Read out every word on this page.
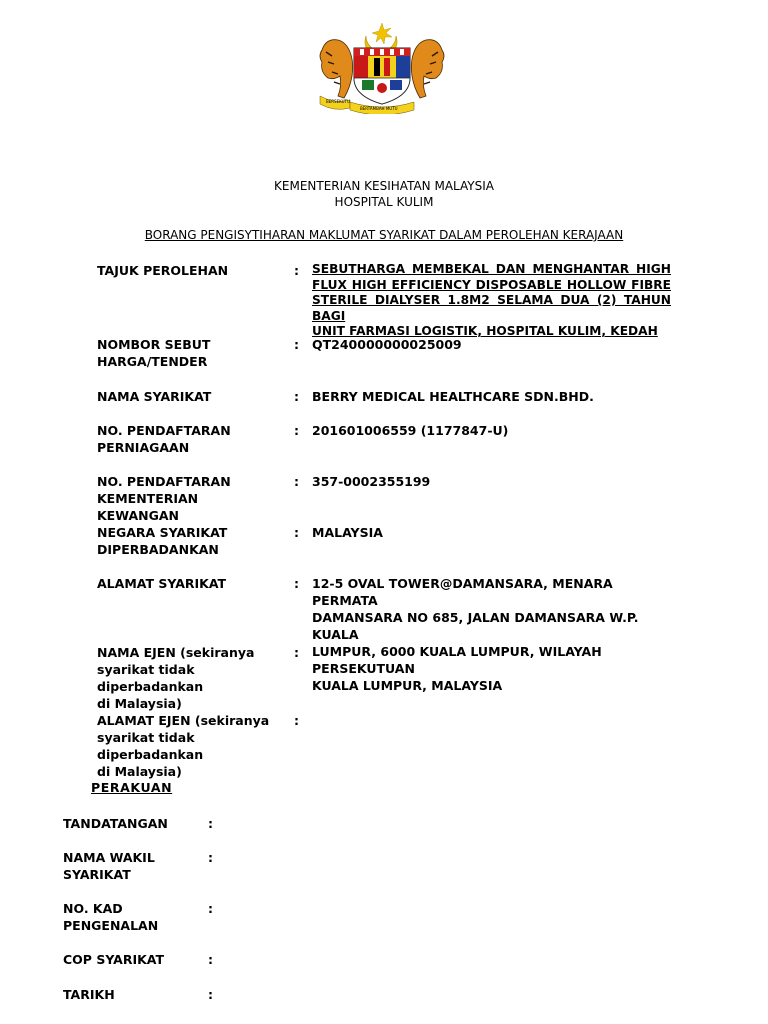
BERSEKUTU
BERTAMBAH MUTU
KEMENTERIAN KESIHATAN MALAYSIA
HOSPITAL KULIM
BORANG PENGISYTIHARAN MAKLUMAT SYARIKAT DALAM PEROLEHAN KERAJAAN
TAJUK PEROLEHAN	: SEBUTHARGA MEMBEKAL DAN MENGHANTAR HIGH
FLUX HIGH EFFICIENCY DISPOSABLE HOLLOW FIBRE
STERILE DIALYSER 1.8M2 SELAMA DUA (2) TAHUN BAGI
UNIT FARMASI LOGISTIK, HOSPITAL KULIM, KEDAH
NOMBOR SEBUT
HARGA/TENDER
: QT240000000025009
NAMA SYARIKAT	: BERRY MEDICAL HEALTHCARE SDN.BHD.
NO. PENDAFTARAN
PERNIAGAAN
: 201601006559 (1177847-U)
NO. PENDAFTARAN
KEMENTERIAN KEWANGAN
: 357-0002355199
NEGARA SYARIKAT
DIPERBADANKAN
: MALAYSIA
ALAMAT SYARIKAT	: 12-5 OVAL TOWER@DAMANSARA, MENARA PERMATA
DAMANSARA NO 685, JALAN DAMANSARA W.P. KUALA
LUMPUR, 6000 KUALA LUMPUR, WILAYAH PERSEKUTUAN
KUALA LUMPUR, MALAYSIA
NAMA EJEN (sekiranya
syarikat tidak diperbadankan
di Malaysia)
:
ALAMAT EJEN (sekiranya
syarikat tidak diperbadankan
di Malaysia)
:
PERAKUAN
TANDATANGAN	:
NAMA WAKIL
SYARIKAT
:
NO. KAD
PENGENALAN
:
COP SYARIKAT	:
TARIKH	:
